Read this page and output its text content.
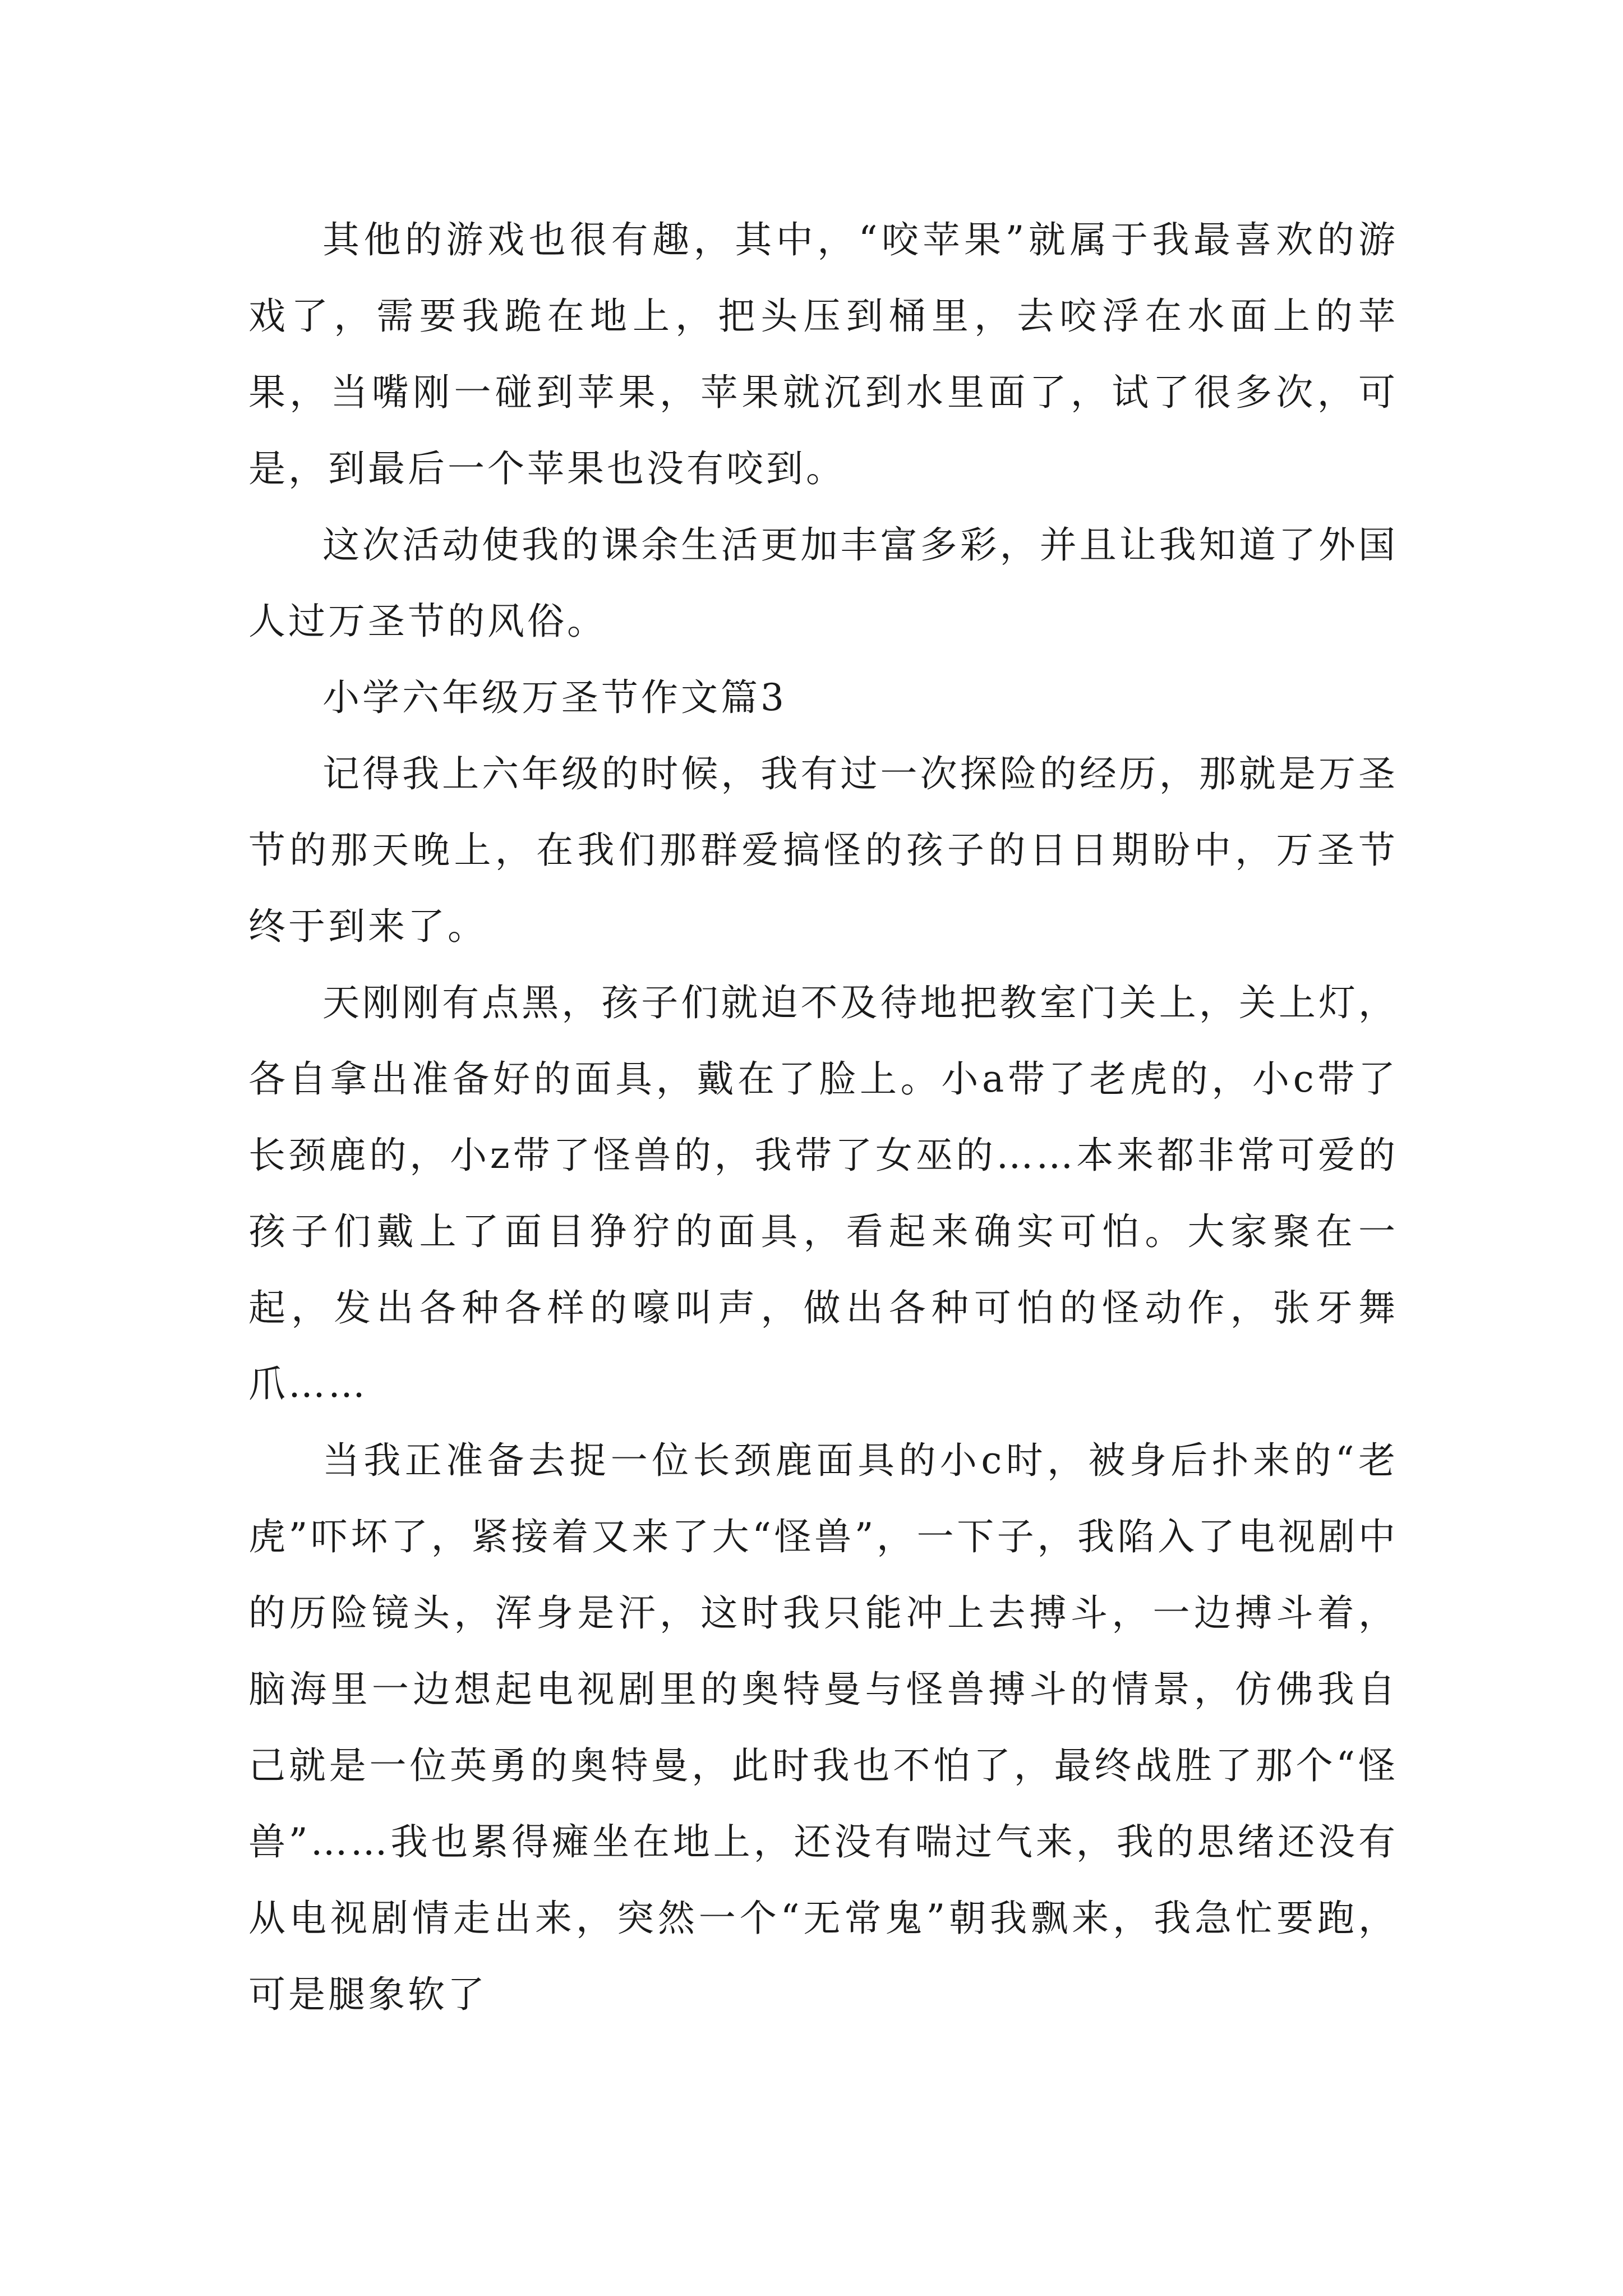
其他的游戏也很有趣，其中，“咬苹果”就属于我最喜欢的游戏了，需要我跪在地上，把头压到桶里，去咬浮在水面上的苹果，当嘴刚一碰到苹果，苹果就沉到水里面了，试了很多次，可是，到最后一个苹果也没有咬到。

这次活动使我的课余生活更加丰富多彩，并且让我知道了外国人过万圣节的风俗。

小学六年级万圣节作文篇3

记得我上六年级的时候，我有过一次探险的经历，那就是万圣节的那天晚上，在我们那群爱搞怪的孩子的日日期盼中，万圣节终于到来了。

天刚刚有点黑，孩子们就迫不及待地把教室门关上，关上灯，各自拿出准备好的面具，戴在了脸上。小a带了老虎的，小c带了长颈鹿的，小z带了怪兽的，我带了女巫的……本来都非常可爱的孩子们戴上了面目狰狞的面具，看起来确实可怕。大家聚在一起，发出各种各样的嚎叫声，做出各种可怕的怪动作，张牙舞爪……

当我正准备去捉一位长颈鹿面具的小c时，被身后扑来的“老虎”吓坏了，紧接着又来了大“怪兽”，一下子，我陷入了电视剧中的历险镜头，浑身是汗，这时我只能冲上去搏斗，一边搏斗着，脑海里一边想起电视剧里的奥特曼与怪兽搏斗的情景，仿佛我自己就是一位英勇的奥特曼，此时我也不怕了，最终战胜了那个“怪兽”……我也累得瘫坐在地上，还没有喘过气来，我的思绪还没有从电视剧情走出来，突然一个“无常鬼”朝我飘来，我急忙要跑，可是腿象软了
